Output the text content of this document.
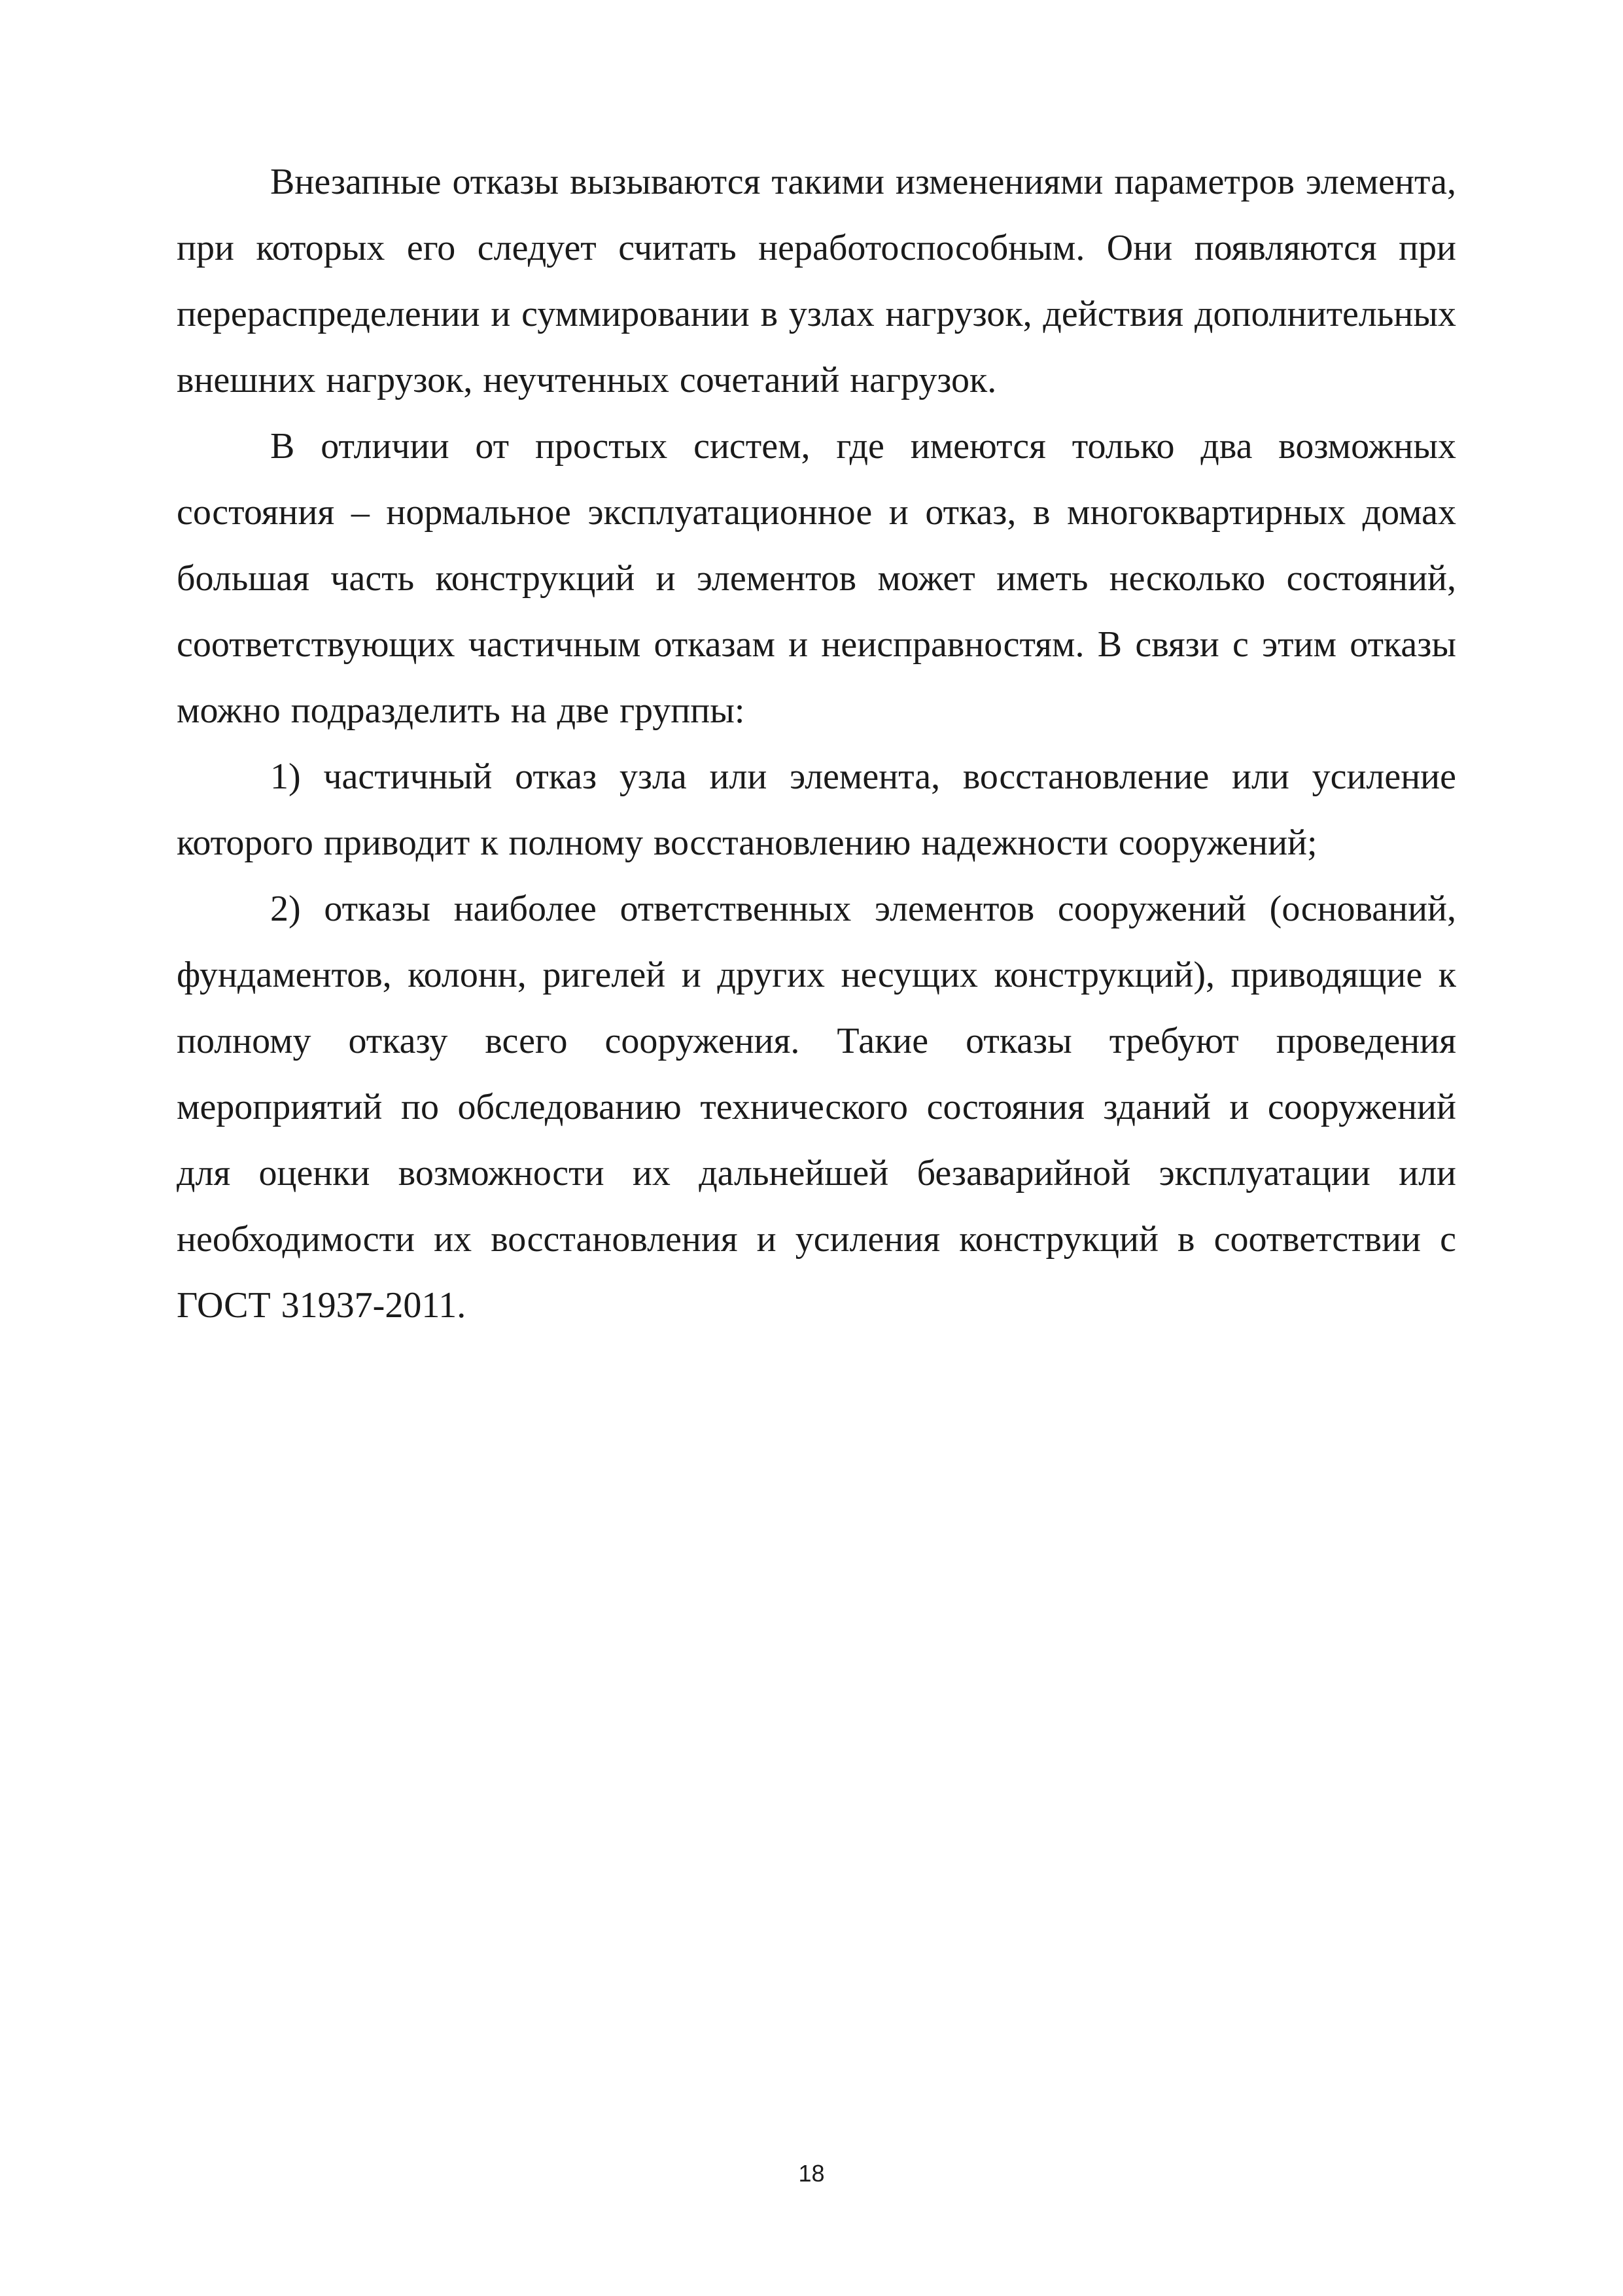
Внезапные отказы вызываются такими изменениями параметров элемента, при которых его следует считать неработоспособным. Они появляются при перераспределении и суммировании в узлах нагрузок, действия дополнительных внешних нагрузок, неучтенных сочетаний нагрузок.

В отличии от простых систем, где имеются только два возможных состояния – нормальное эксплуатационное и отказ, в многоквартирных домах большая часть конструкций и элементов может иметь несколько состояний, соответствующих частичным отказам и неисправностям. В связи с этим отказы можно подразделить на две группы:

1) частичный отказ узла или элемента, восстановление или усиление которого приводит к полному восстановлению надежности сооружений;

2) отказы наиболее ответственных элементов сооружений (оснований, фундаментов, колонн, ригелей и других несущих конструкций), приводящие к полному отказу всего сооружения. Такие отказы требуют проведения мероприятий по обследованию технического состояния зданий и сооружений для оценки возможности их дальнейшей безаварийной эксплуатации или необходимости их восстановления и усиления конструкций в соответствии с ГОСТ 31937-2011.

18
